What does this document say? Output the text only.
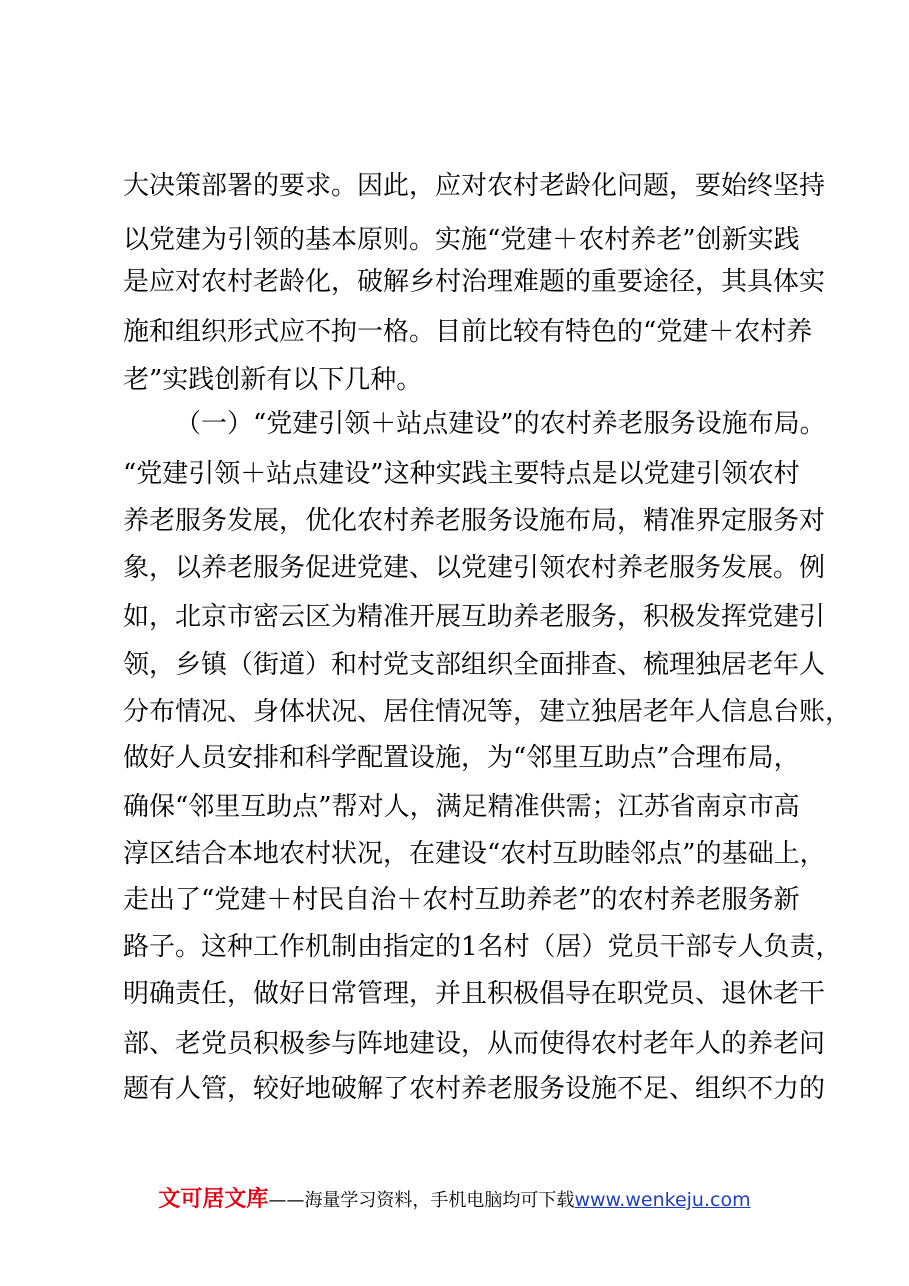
大决策部署的要求。因此，应对农村老龄化问题，要始终坚持
以党建为引领的基本原则。实施“党建＋农村养老”创新实践
是应对农村老龄化，破解乡村治理难题的重要途径，其具体实
施和组织形式应不拘一格。目前比较有特色的“党建＋农村养
老”实践创新有以下几种。
（一）“党建引领＋站点建设”的农村养老服务设施布局。
“党建引领＋站点建设”这种实践主要特点是以党建引领农村
养老服务发展，优化农村养老服务设施布局，精准界定服务对
象，以养老服务促进党建、以党建引领农村养老服务发展。例
如，北京市密云区为精准开展互助养老服务，积极发挥党建引
领，乡镇（街道）和村党支部组织全面排查、梳理独居老年人
分布情况、身体状况、居住情况等，建立独居老年人信息台账，
做好人员安排和科学配置设施，为“邻里互助点”合理布局，
确保“邻里互助点”帮对人，满足精准供需；江苏省南京市高
淳区结合本地农村状况，在建设“农村互助睦邻点”的基础上，
走出了“党建＋村民自治＋农村互助养老”的农村养老服务新
路子。这种工作机制由指定的1名村（居）党员干部专人负责，
明确责任，做好日常管理，并且积极倡导在职党员、退休老干
部、老党员积极参与阵地建设，从而使得农村老年人的养老问
题有人管，较好地破解了农村养老服务设施不足、组织不力的
文可居文库——海量学习资料，手机电脑均可下载www.wenkeju.com
